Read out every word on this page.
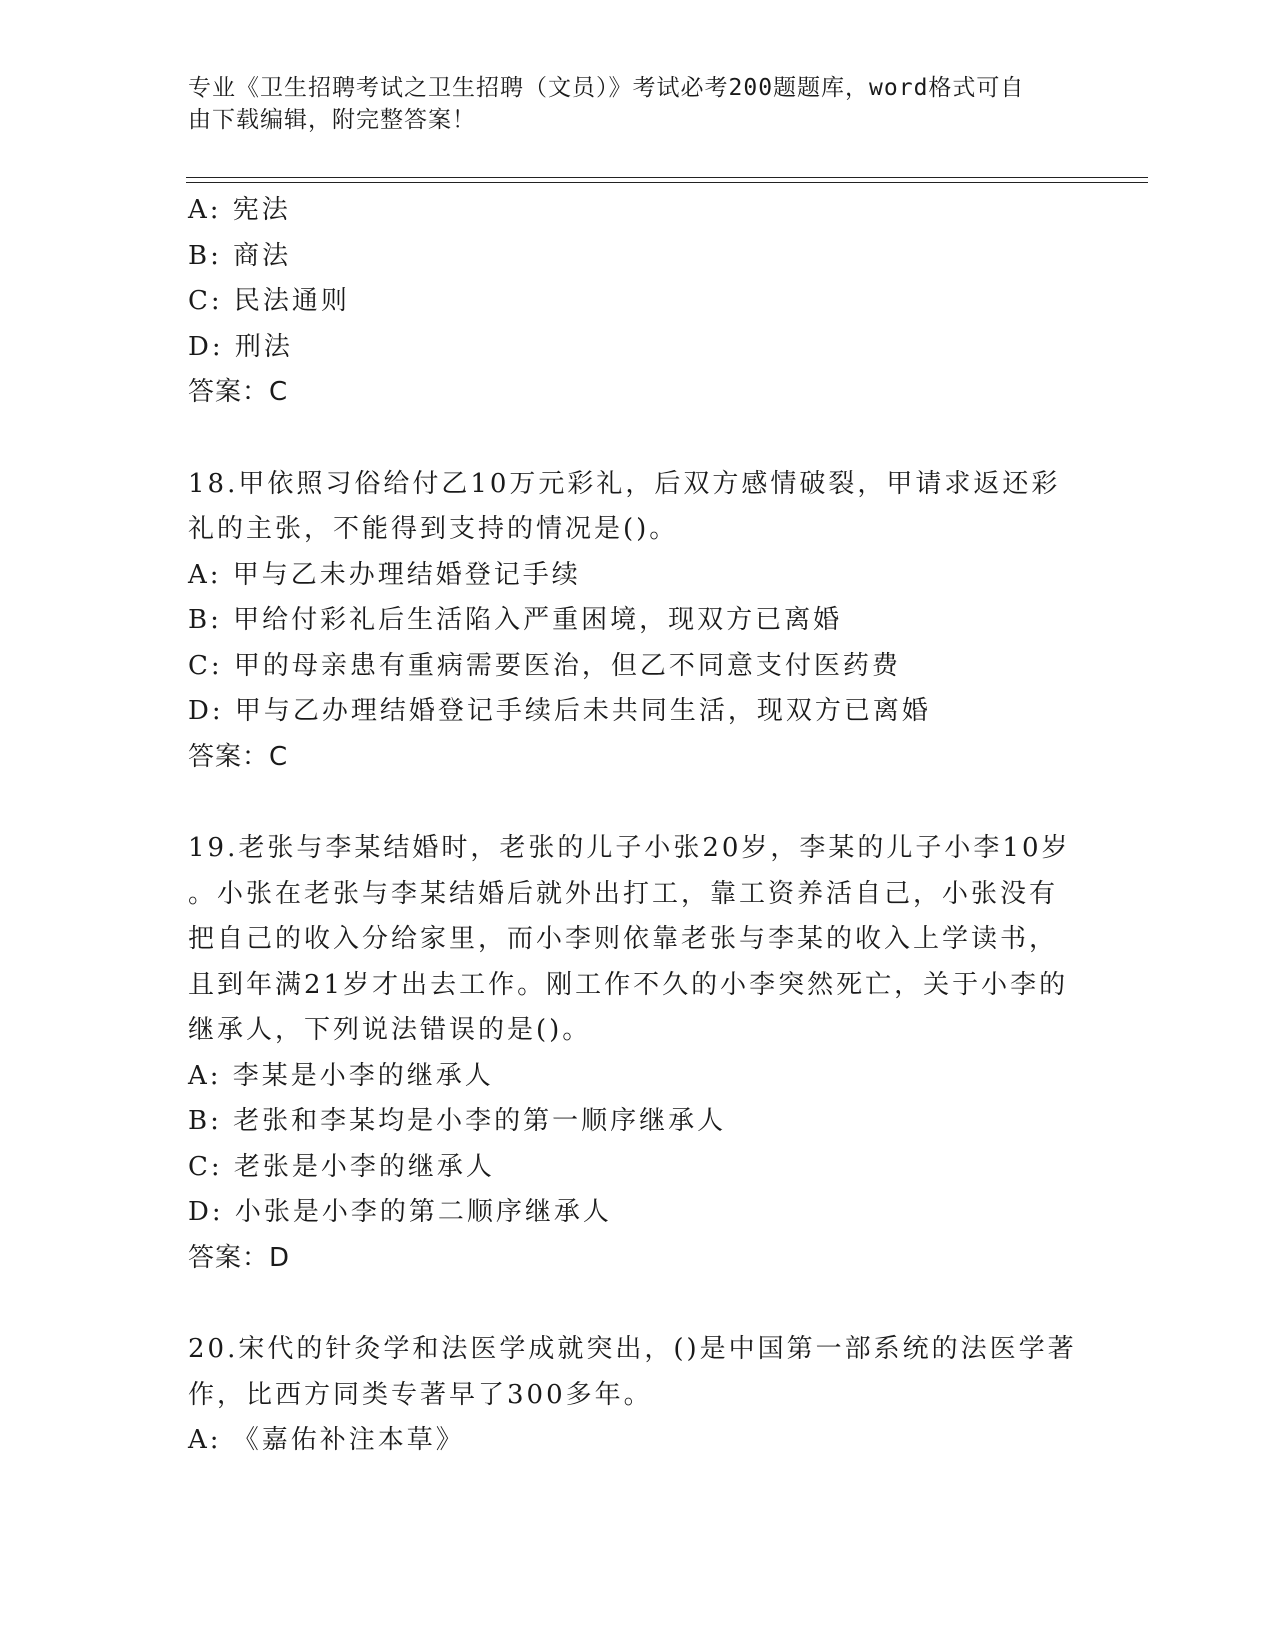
专业《卫生招聘考试之卫生招聘（文员）》考试必考200题题库，word格式可自
由下载编辑，附完整答案！
A: 宪法
B: 商法
C: 民法通则
D: 刑法
答案：C
18.甲依照习俗给付乙10万元彩礼，后双方感情破裂，甲请求返还彩
礼的主张，不能得到支持的情况是()。
A: 甲与乙未办理结婚登记手续
B: 甲给付彩礼后生活陷入严重困境，现双方已离婚
C: 甲的母亲患有重病需要医治，但乙不同意支付医药费
D: 甲与乙办理结婚登记手续后未共同生活，现双方已离婚
答案：C
19.老张与李某结婚时，老张的儿子小张20岁，李某的儿子小李10岁
。小张在老张与李某结婚后就外出打工，靠工资养活自己，小张没有
把自己的收入分给家里，而小李则依靠老张与李某的收入上学读书，
且到年满21岁才出去工作。刚工作不久的小李突然死亡，关于小李的
继承人，下列说法错误的是()。
A: 李某是小李的继承人
B: 老张和李某均是小李的第一顺序继承人
C: 老张是小李的继承人
D: 小张是小李的第二顺序继承人
答案：D
20.宋代的针灸学和法医学成就突出，()是中国第一部系统的法医学著
作，比西方同类专著早了300多年。
A: 《嘉佑补注本草》
